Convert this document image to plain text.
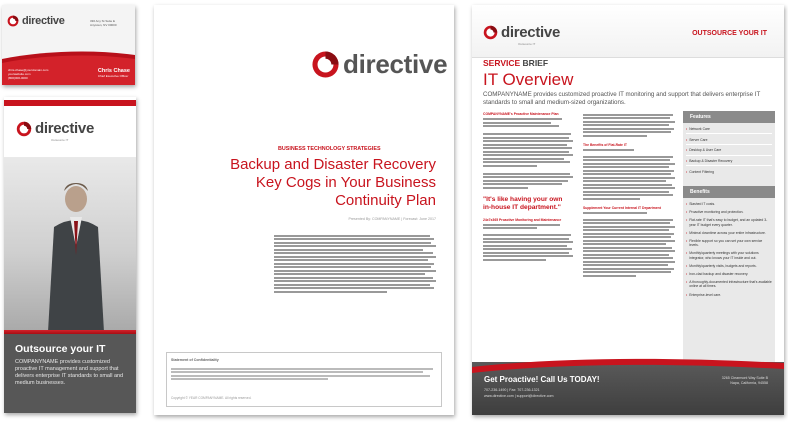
directive	330 Any St Suite E
Anytown, NV 00000
chris.chase@yourdomain.com
yourwebsite.com
(800)000-0000
Chris Chase
Chief Executive Officer
directive
Outsource IT
Outsource your IT
COMPANYNAME provides customized proactive IT management and support that delivers enterprise IT standards to small and medium businesses.
directive
BUSINESS TECHNOLOGY STRATEGIES
Backup and Disaster Recovery
Key Cogs in Your Business
Continuity Plan
Presented By: COMPANYNAME | Forecast: June 2017
Statement of Confidentiality
Copyright © YEAR COMPANYNAME. All rights reserved.
directive
Outsource IT
OUTSOURCE YOUR IT
SERVICE BRIEF
IT Overview
COMPANYNAME provides customized proactive IT monitoring and support that delivers enterprise IT standards to small and medium-sized organizations.
COMPANYNAME's Proactive Maintenance Plan
"It's like having your own
in-house IT department."
24x7x365 Proactive Monitoring and Maintenance
The Benefits of Flat-Rate IT
Supplement Your Current Internal IT Department
Features
• Network Care
• Server Care
• Desktop & User Care
• Backup & Disaster Recovery
• Content Filtering
Benefits
• Slashed IT costs.
• Proactive monitoring and protection.
• Flat-rate IT that's easy to budget, and an updated 3-year IT budget every quarter.
• Minimal downtime across your entire infrastructure.
• Flexible support so you can set your own service levels.
• Monthly/quarterly meetings with your solutions integrator, who knows your IT inside and out.
• Monthly/quarterly visits, budgets and reports.
• Iron-clad backup and disaster recovery.
• A thoroughly-documented infrastructure that's available online at all times.
• Enterprise-level care.
Get Proactive! Call Us TODAY!
707-236-1490 | Fax: 707-236-1321
www.directive.com | support@directive.com
3265 Clearmont Way Suite B
Napa, California, 94558
